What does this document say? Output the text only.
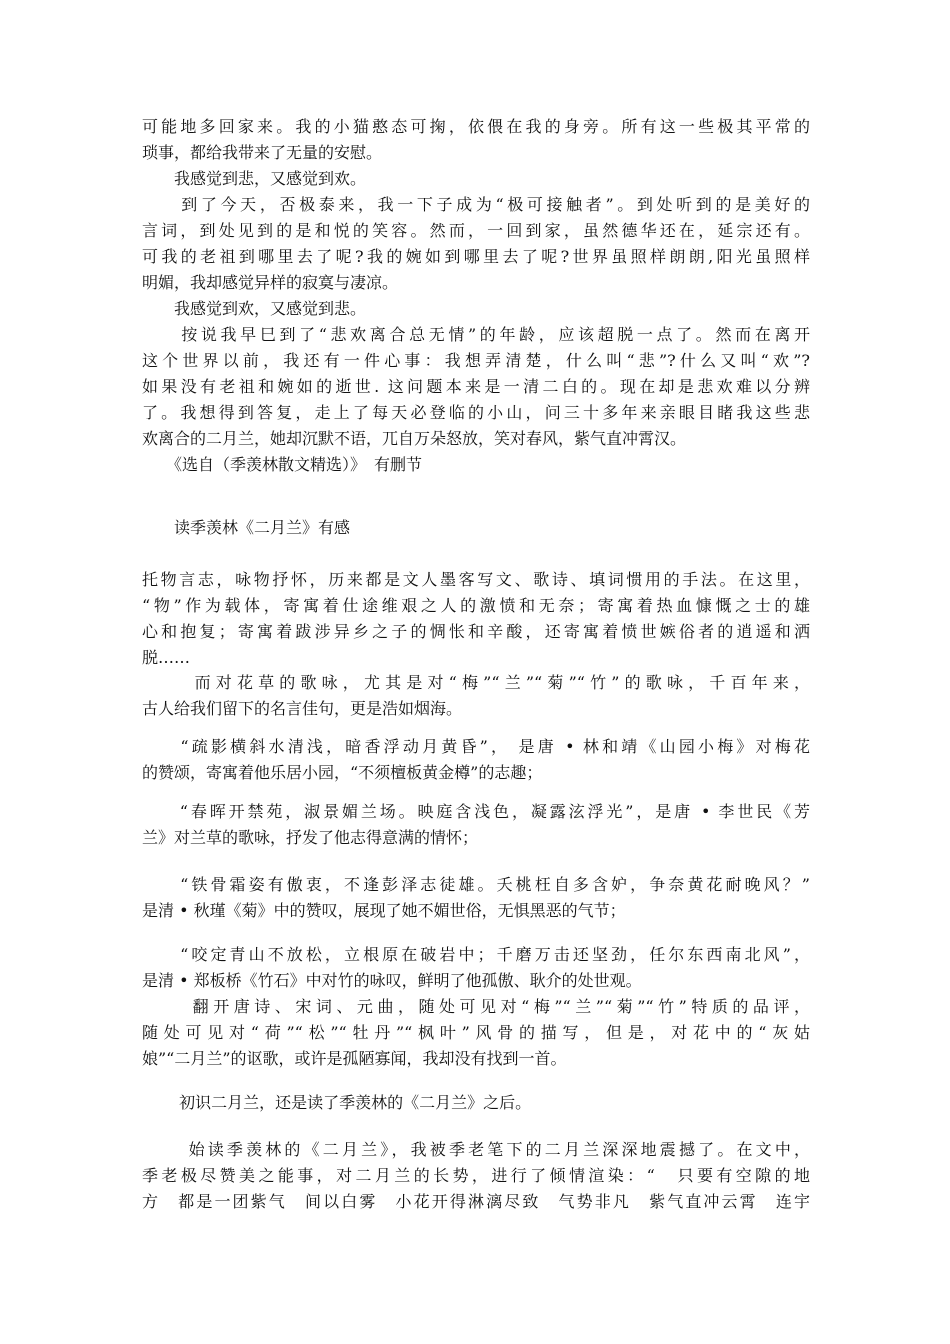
可能地多回家来。我的小猫憨态可掬，依偎在我的身旁。所有这一些极其平常的
琐事，都给我带来了无量的安慰。
　　我感觉到悲，又感觉到欢。
　　到了今天，否极泰来，我一下子成为“极可接触者”。到处听到的是美好的
言词，到处见到的是和悦的笑容。然而，一回到家，虽然德华还在，延宗还有。
可我的老祖到哪里去了呢?我的婉如到哪里去了呢?世界虽照样朗朗,阳光虽照样
明媚，我却感觉异样的寂寞与凄凉。
　　我感觉到欢，又感觉到悲。
　　按说我早巳到了“悲欢离合总无情”的年龄，应该超脱一点了。然而在离开
这个世界以前，我还有一件心事：我想弄清楚，什么叫“悲”?什么又叫“欢”?
如果没有老祖和婉如的逝世. 这问题本来是一清二白的。现在却是悲欢难以分辨
了。我想得到答复，走上了每天必登临的小山，问三十多年来亲眼目睹我这些悲
欢离合的二月兰，她却沉默不语，兀自万朵怒放，笑对春风，紫气直冲霄汉。
　　《选自（季羡林散文精选）》　有删节
　　读季羡林《二月兰》有感
托物言志，咏物抒怀，历来都是文人墨客写文、歌诗、填词惯用的手法。在这里，
“物”作为载体，寄寓着仕途维艰之人的激愤和无奈；寄寓着热血慷慨之士的雄
心和抱复；寄寓着跋涉异乡之子的惆怅和辛酸，还寄寓着愤世嫉俗者的逍遥和洒
脱……
　　 而对花草的歌咏，尤其是对“梅”“兰”“菊”“竹”的歌咏，千百年来，
古人给我们留下的名言佳句，更是浩如烟海。
　　“疏影横斜水清浅，暗香浮动月黄昏”， 是唐 • 林和靖《山园小梅》对梅花
的赞颂，寄寓着他乐居小园，“不须檀板黄金樽”的志趣；
　　“春晖开禁苑，淑景媚兰场。映庭含浅色，凝露泫浮光”，是唐 • 李世民《芳
兰》对兰草的歌咏，抒发了他志得意满的情怀；
　　“铁骨霜姿有傲衷，不逢彭泽志徒雄。夭桃枉自多含妒，争奈黄花耐晚风？”
是清 • 秋瑾《菊》中的赞叹，展现了她不媚世俗，无惧黑恶的气节；
　　“咬定青山不放松，立根原在破岩中；千磨万击还坚劲，任尔东西南北风”，
是清 • 郑板桥《竹石》中对竹的咏叹，鲜明了他孤傲、耿介的处世观。
　　 翻开唐诗、宋词、元曲，随处可见对“梅”“兰”“菊”“竹”特质的品评，
随处可见对“荷”“松”“牡丹”“枫叶”风骨的描写，但是，对花中的“灰姑
娘”“二月兰”的讴歌，或许是孤陋寡闻，我却没有找到一首。
　　 初识二月兰，还是读了季羡林的《二月兰》之后。
　　 始读季羡林的《二月兰》，我被季老笔下的二月兰深深地震撼了。在文中，
季老极尽赞美之能事，对二月兰的长势，进行了倾情渲染：“　只要有空隙的地
方　都是一团紫气　间以白雾　小花开得淋漓尽致　气势非凡　紫气直冲云霄　连宇
